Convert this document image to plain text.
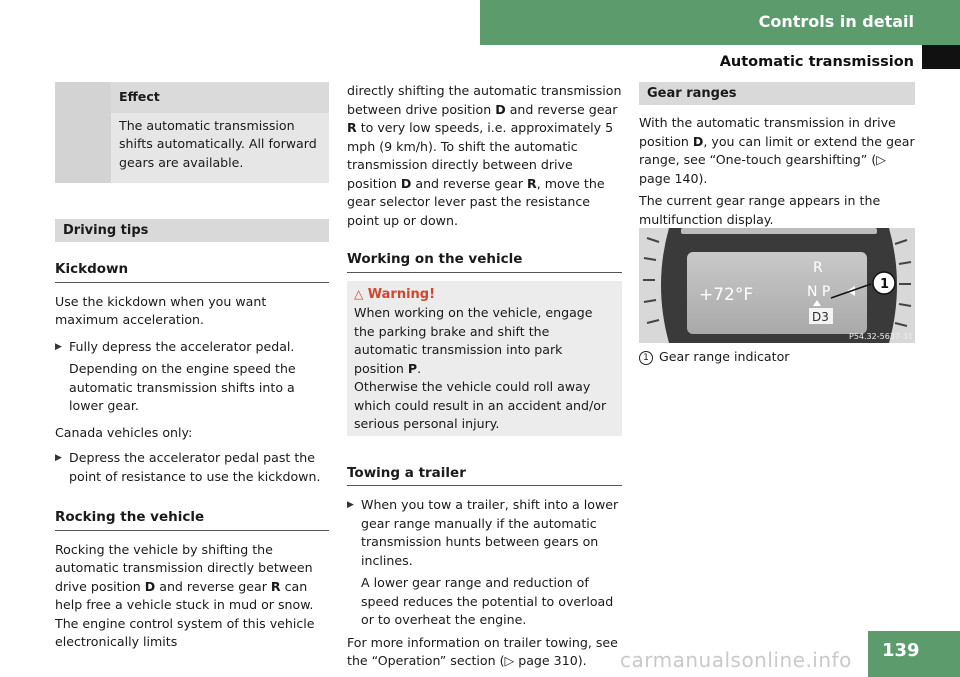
Controls in detail
Automatic transmission
	Effect
	The automatic transmission shifts automatically. All forward gears are available.
Driving tips
Kickdown

Use the kickdown when you want maximum acceleration.

▶ Fully depress the accelerator pedal.

Depending on the engine speed the automatic transmission shifts into a lower gear.

Canada vehicles only:

▶ Depress the accelerator pedal past the point of resistance to use the kickdown.

Rocking the vehicle

Rocking the vehicle by shifting the automatic transmission directly between drive position D and reverse gear R can help free a vehicle stuck in mud or snow. The engine control system of this vehicle electronically limits

directly shifting the automatic transmission between drive position D and reverse gear R to very low speeds, i.e. approximately 5 mph (9 km/h). To shift the automatic transmission directly between drive position D and reverse gear R, move the gear selector lever past the resistance point up or down.

Working on the vehicle
△ Warning!

When working on the vehicle, engage the parking brake and shift the automatic transmission into park position P.

Otherwise the vehicle could roll away which could result in an accident and/or serious personal injury.

Towing a trailer

▶ When you tow a trailer, shift into a lower gear range manually if the automatic transmission hunts between gears on inclines.

A lower gear range and reduction of speed reduces the potential to overload or to overheat the engine.

For more information on trailer towing, see the “Operation” section (▷ page 310).

Gear ranges

With the automatic transmission in drive position D, you can limit or extend the gear range, see “One-touch gearshifting” (▷ page 140).

The current gear range appears in the multifunction display.

+72°F
R
N P
D3
1
P54.32-5637-31
1 Gear range indicator
139
carmanualsonline.info
